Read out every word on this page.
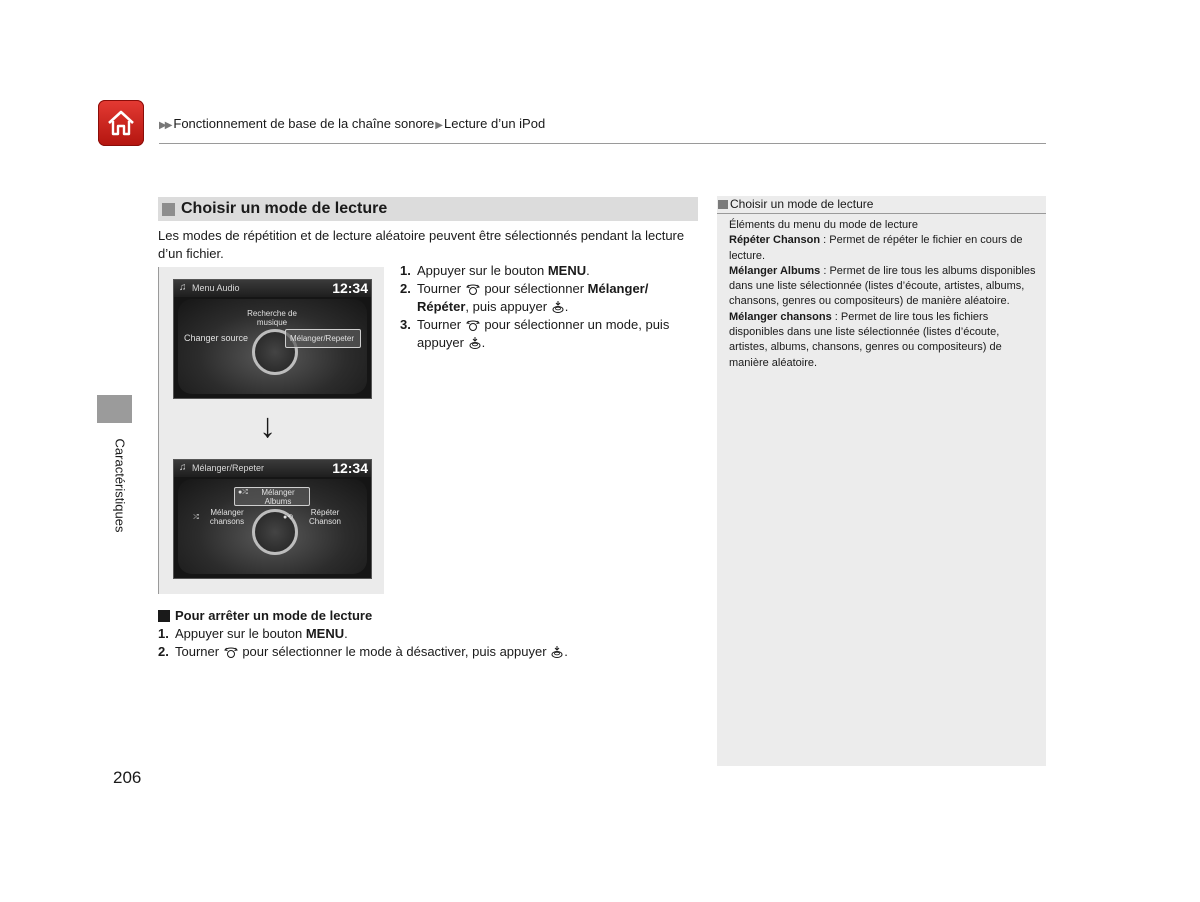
▶▶ Fonctionnement de base de la chaîne sonore▶Lecture d’un iPod
Caractéristiques
Choisir un mode de lecture
Les modes de répétition et de lecture aléatoire peuvent être sélectionnés pendant la lecture d’un fichier.
♫ Menu Audio	12:34
Recherche de musique
Changer source	Mélanger/Repeter
↓
♫ Mélanger/Repeter	12:34
●⤮	Mélanger Albums
⤮
Mélanger chansons	●⟲
Répéter Chanson
1. Appuyer sur le bouton MENU.
2. Tourner  pour sélectionner Mélanger/ Répéter, puis appuyer .
3. Tourner  pour sélectionner un mode, puis appuyer .
Pour arrêter un mode de lecture
1. Appuyer sur le bouton MENU.
2. Tourner  pour sélectionner le mode à désactiver, puis appuyer .
Choisir un mode de lecture
Éléments du menu du mode de lecture
Répéter Chanson : Permet de répéter le fichier en cours de lecture.
Mélanger Albums : Permet de lire tous les albums disponibles dans une liste sélectionnée (listes d’écoute, artistes, albums, chansons, genres ou compositeurs) de manière aléatoire.
Mélanger chansons : Permet de lire tous les fichiers disponibles dans une liste sélectionnée (listes d’écoute, artistes, albums, chansons, genres ou compositeurs) de manière aléatoire.
206
